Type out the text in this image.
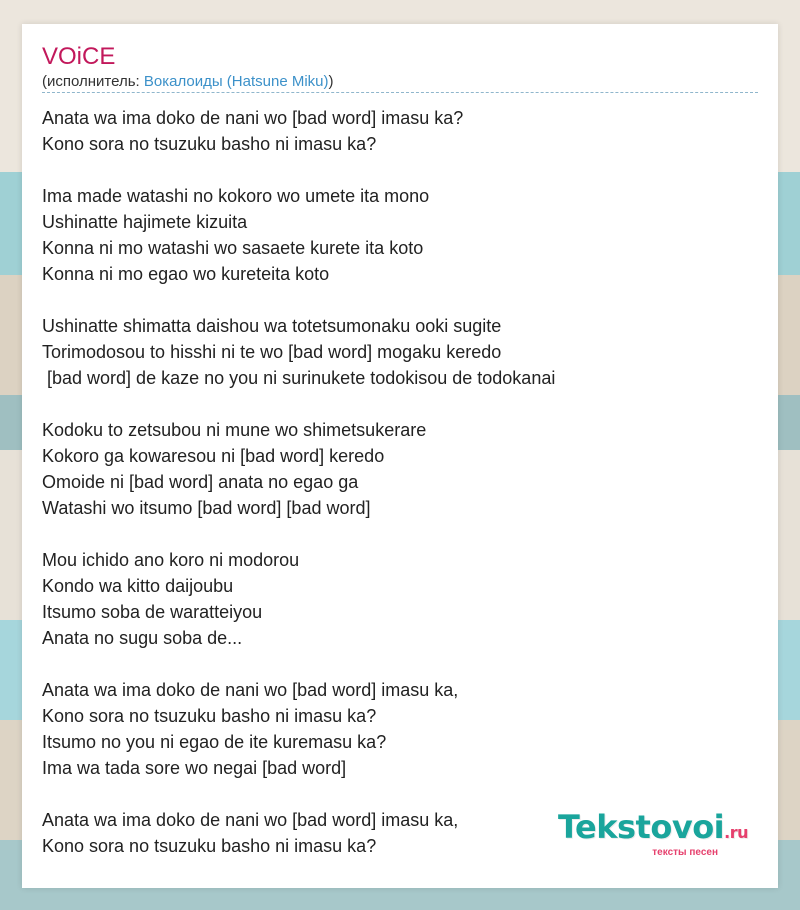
VOiCE
(исполнитель: Вокалоиды (Hatsune Miku))
Anata wa ima doko de nani wo [bad word] imasu ka?
Kono sora no tsuzuku basho ni imasu ka?
Ima made watashi no kokoro wo umete ita mono
Ushinatte hajimete kizuita
Konna ni mo watashi wo sasaete kurete ita koto
Konna ni mo egao wo kureteita koto
Ushinatte shimatta daishou wa totetsumonaku ooki sugite
Torimodosou to hisshi ni te wo [bad word] mogaku keredo
[bad word] de kaze no you ni surinukete todokisou de todokanai
Kodoku to zetsubou ni mune wo shimetsukerare
Kokoro ga kowaresou ni [bad word] keredo
Omoide ni [bad word] anata no egao ga
Watashi wo itsumo [bad word] [bad word]
Mou ichido ano koro ni modorou
Kondo wa kitto daijoubu
Itsumo soba de waratteiyou
Anata no sugu soba de...
Anata wa ima doko de nani wo [bad word] imasu ka,
Kono sora no tsuzuku basho ni imasu ka?
Itsumo no you ni egao de ite kuremasu ka?
Ima wa tada sore wo negai [bad word]
Anata wa ima doko de nani wo [bad word] imasu ka,
Kono sora no tsuzuku basho ni imasu ka?	Tekstovoi.ru
тексты песен
